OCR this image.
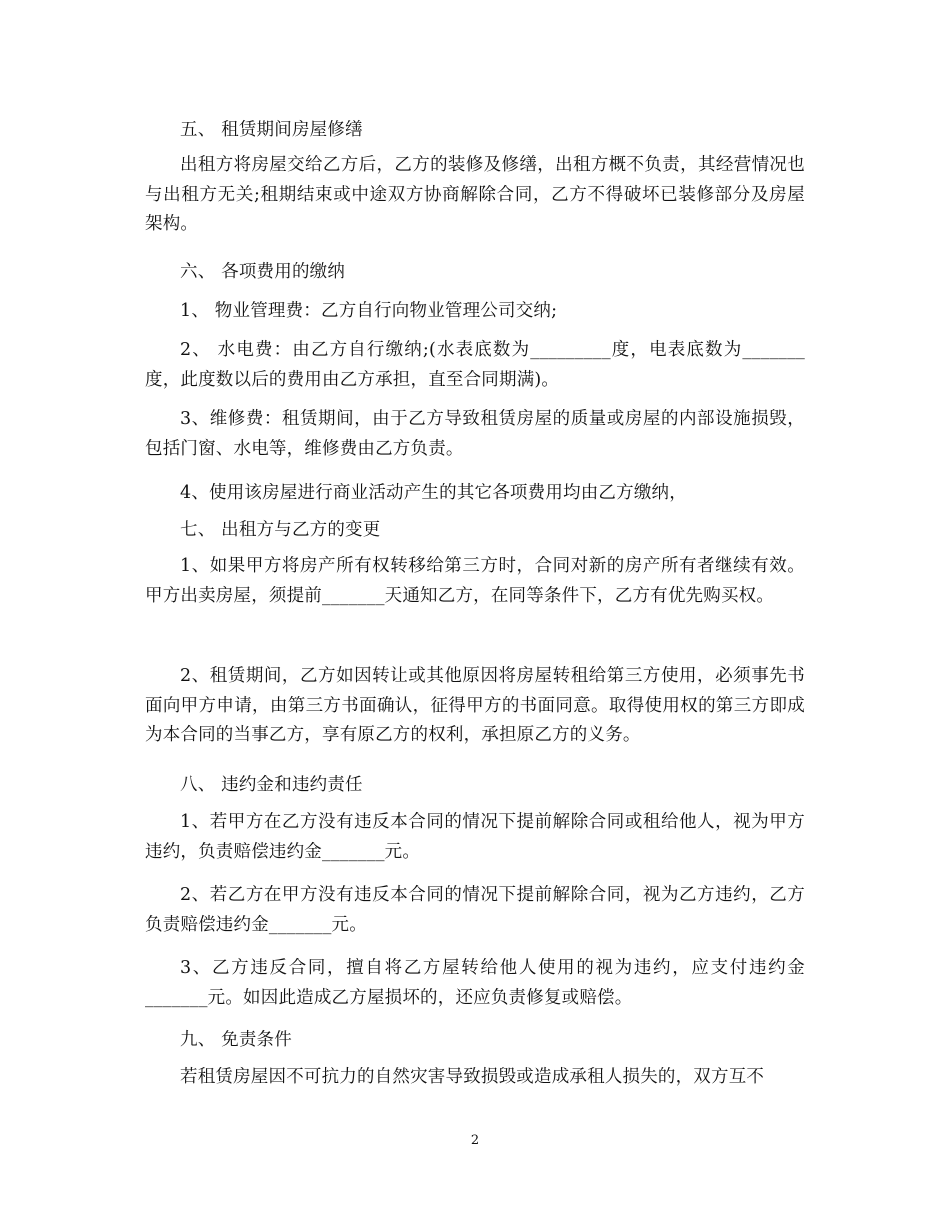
五、 租赁期间房屋修缮

出租方将房屋交给乙方后，乙方的装修及修缮，出租方概不负责，其经营情况也与出租方无关;租期结束或中途双方协商解除合同，乙方不得破坏已装修部分及房屋架构。

六、 各项费用的缴纳

1、 物业管理费：乙方自行向物业管理公司交纳;

2、 水电费：由乙方自行缴纳;(水表底数为_________度，电表底数为_______度，此度数以后的费用由乙方承担，直至合同期满)。

3、维修费：租赁期间，由于乙方导致租赁房屋的质量或房屋的内部设施损毁，包括门窗、水电等，维修费由乙方负责。

4、使用该房屋进行商业活动产生的其它各项费用均由乙方缴纳，

七、 出租方与乙方的变更

1、如果甲方将房产所有权转移给第三方时，合同对新的房产所有者继续有效。甲方出卖房屋，须提前_______天通知乙方，在同等条件下，乙方有优先购买权。

2、租赁期间，乙方如因转让或其他原因将房屋转租给第三方使用，必须事先书面向甲方申请，由第三方书面确认，征得甲方的书面同意。取得使用权的第三方即成为本合同的当事乙方，享有原乙方的权利，承担原乙方的义务。

八、 违约金和违约责任

1、若甲方在乙方没有违反本合同的情况下提前解除合同或租给他人，视为甲方违约，负责赔偿违约金_______元。

2、若乙方在甲方没有违反本合同的情况下提前解除合同，视为乙方违约，乙方负责赔偿违约金_______元。

3、乙方违反合同，擅自将乙方屋转给他人使用的视为违约，应支付违约金_______元。如因此造成乙方屋损坏的，还应负责修复或赔偿。

九、 免责条件

若租赁房屋因不可抗力的自然灾害导致损毁或造成承租人损失的，双方互不

2
